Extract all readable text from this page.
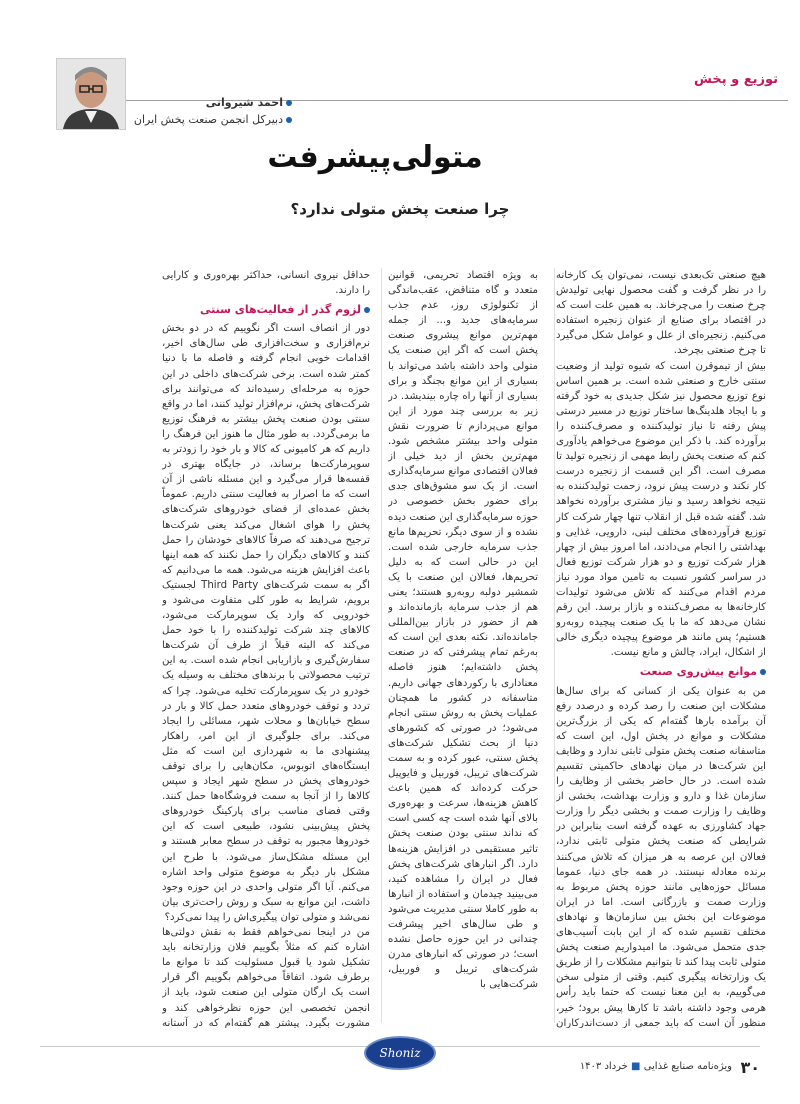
توزیع و پخش
احمد شیروانی
دبیرکل انجمن صنعت پخش ایران
متولی‌پیشرفت
چرا صنعت پخش متولی ندارد؟

هیچ صنعتی تک‌بعدی نیست، نمی‌توان یک کارخانه را در نظر گرفت و گفت محصول نهایی تولیدش چرخ صنعت را می‌چرخاند. به همین علت است که در اقتصاد برای صنایع از عنوان زنجیره استفاده می‌کنیم. زنجیره‌ای از علل و عوامل شکل می‌گیرد تا چرخ صنعتی بچرخد.

بیش از تیموقرن است که شیوه تولید از وضعیت سنتی خارج و صنعتی شده است. بر همین اساس نوع توزیع محصول نیز شکل جدیدی به خود گرفته و با ایجاد هلدینگ‌ها ساختار توزیع در مسیر درستی پیش رفته تا نیاز تولیدکننده و مصرف‌کننده را برآورده کند. با ذکر این موضوع می‌خواهم یادآوری کنم که صنعت پخش رابط مهمی از زنجیره تولید تا مصرف است. اگر این قسمت از زنجیره درست کار نکند و درست پیش نرود، زحمت تولیدکننده به نتیجه نخواهد رسید و نیاز مشتری برآورده نخواهد شد. گفته شده قبل از انقلاب تنها چهار شرکت کار توزیع فرآورده‌های مختلف لبنی، دارویی، غذایی و بهداشتی را انجام می‌دادند، اما امروز بیش از چهار هزار شرکت توزیع و دو هزار شرکت توزیع فعال در سراسر کشور نسبت به تامین مواد مورد نیاز مردم اقدام می‌کنند که تلاش می‌شود تولیدات کارخانه‌ها به مصرف‌کننده و بازار برسد. این رقم نشان می‌دهد که ما با یک صنعت پیچیده روبه‌رو هستیم؛ پس مانند هر موضوع پیچیده دیگری خالی از اشکال، ایراد، چالش و مانع نیست.

موانع پیش‌روی صنعت

من به عنوان یکی از کسانی که برای سال‌ها مشکلات این صنعت را رصد کرده و درصدد رفع آن برآمده بارها گفته‌ام که یکی از بزرگ‌ترین مشکلات و موانع در پخش اول، این است که متاسفانه صنعت پخش متولی ثابتی ندارد و وظایف این شرکت‌ها در میان نهادهای حاکمیتی تقسیم شده است. در حال حاضر بخشی از وظایف را سازمان غذا و دارو و وزارت بهداشت، بخشی از وظایف را وزارت صمت و بخشی دیگر را وزارت جهاد کشاورزی به عهده گرفته است بنابراین در شرایطی که صنعت پخش متولی ثابتی ندارد، فعالان این عرصه به هر میزان که تلاش می‌کنند برنده معادله نیستند. در همه جای دنیا، عموما مسائل حوزه‌هایی مانند حوزه پخش مربوط به وزارت صمت و بازرگانی است. اما در ایران موضوعات این بخش بین سازمان‌ها و نهادهای مختلف تقسیم شده که از این بابت آسیب‌های جدی متحمل می‌شود. ما امیدواریم صنعت پخش متولی ثابت پیدا کند تا بتوانیم مشکلات را از طریق یک وزارتخانه پیگیری کنیم. وقتی از متولی سخن می‌گوییم، به این معنا نیست که حتما باید رأس هرمی وجود داشته باشد تا کارها پیش برود؛ خیر، منظور آن است که باید جمعی از دست‌اندرکاران

به ویژه اقتصاد تحریمی، قوانین متعدد و گاه متناقض، عقب‌ماندگی از تکنولوژی روز، عدم جذب سرمایه‌های جدید و... از جمله مهم‌ترین موانع پیشروی صنعت پخش است که اگر این صنعت یک متولی واحد داشته باشد می‌تواند با بسیاری از این موانع بجنگد و برای بسیاری از آنها راه چاره بیندیشد. در زیر به بررسی چند مورد از این موانع می‌پردازم تا ضرورت نقش متولی واحد بیشتر مشخص شود. مهم‌ترین بخش از دید خیلی از فعالان اقتصادی موانع سرمایه‌گذاری است. از یک سو مشوق‌های جدی برای حضور بخش خصوصی در حوزه سرمایه‌گذاری این صنعت دیده نشده و از سوی دیگر، تحریم‌ها مانع جذب سرمایه خارجی شده است. این در حالی است که به دلیل تحریم‌ها، فعالان این صنعت با یک شمشیر دولبه روبه‌رو هستند؛ یعنی هم از جذب سرمایه بازمانده‌اند و هم از حضور در بازار بین‌المللی جامانده‌اند. نکته بعدی این است که به‌رغم تمام پیشرفتی که در صنعت پخش داشته‌ایم؛ هنوز فاصله معناداری با رکوردهای جهانی داریم. متاسفانه در کشور ما همچنان عملیات پخش به روش سنتی انجام می‌شود؛ در صورتی که کشورهای دنیا از بحث تشکیل شرکت‌های پخش سنتی، عبور کرده و به سمت شرکت‌های تریبل، فوربیل و فایوپیل حرکت کرده‌اند که همین باعث کاهش هزینه‌ها، سرعت و بهره‌وری بالای آنها شده است چه کسی است که نداند سنتی بودن صنعت پخش تاثیر مستقیمی در افزایش هزینه‌ها دارد. اگر انبارهای شرکت‌های پخش فعال در ایران را مشاهده کنید، می‌بینید چیدمان و استفاده از انبارها به طور کاملا سنتی مدیریت می‌شود و طی سال‌های اخیر پیشرفت چندانی در این حوزه حاصل نشده است؛ در صورتی که انبارهای مدرن شرکت‌های تریبل و فوربیل، شرکت‌هایی با

حداقل نیروی انسانی، حداکثر بهره‌وری و کارایی را دارند.

لزوم گذر از فعالیت‌های سنتی

دور از انصاف است اگر نگوییم که در دو بخش نرم‌افزاری و سخت‌افزاری طی سال‌های اخیر، اقدامات خوبی انجام گرفته و فاصله ما با دنیا کمتر شده است. برخی شرکت‌های داخلی در این حوزه به مرحله‌ای رسیده‌اند که می‌توانند برای شرکت‌های پخش، نرم‌افزار تولید کنند، اما در واقع سنتی بودن صنعت پخش بیشتر به فرهنگ توزیع ما برمی‌گردد. به طور مثال ما هنوز این فرهنگ را داریم که هر کامیونی که کالا و بار خود را زودتر به سوپرمارکت‌ها برساند، در جایگاه بهتری در قفسه‌ها قرار می‌گیرد و این مسئله ناشی از آن است که ما اصرار به فعالیت سنتی داریم. عموماً بخش عمده‌ای از فضای خودروهای شرکت‌های پخش را هوای اشغال می‌کند یعنی شرکت‌ها ترجیح می‌دهند که صرفاً کالاهای خودشان را حمل کنند و کالاهای دیگران را حمل نکنند که همه اینها باعث افزایش هزینه می‌شود. همه ما می‌دانیم که اگر به سمت شرکت‌های Third Party لجستیک برویم، شرایط به طور کلی متفاوت می‌شود و خودرویی که وارد یک سوپرمارکت می‌شود، کالاهای چند شرکت تولیدکننده را با خود حمل می‌کند که البته قبلاً از طرف آن شرکت‌ها سفارش‌گیری و بازاریابی انجام شده است. به این ترتیب محصولاتی با برندهای مختلف به وسیله یک خودرو در یک سوپرمارکت تخلیه می‌شود. چرا که تردد و توقف خودروهای متعدد حمل کالا و بار در سطح خیابان‌ها و محلات شهر، مسائلی را ایجاد می‌کند. برای جلوگیری از این امر، راهکار پیشنهادی ما به شهرداری این است که مثل ایستگاه‌های اتوبوس، مکان‌هایی را برای توقف خودروهای پخش در سطح شهر ایجاد و سپس کالاها را از آنجا به سمت فروشگاه‌ها حمل کنند. وقتی فضای مناسب برای پارکینگ خودروهای پخش پیش‌بینی نشود، طبیعی است که این خودروها مجبور به توقف در سطح معابر هستند و این مسئله مشکل‌ساز می‌شود. با طرح این مشکل بار دیگر به موضوع متولی واحد اشاره می‌کنم. آیا اگر متولی واحدی در این حوزه وجود داشت، این موانع به سبک و روش راحت‌تری بیان نمی‌شد و متولی توان پیگیری‌اش را پیدا نمی‌کرد؟

من در اینجا نمی‌خواهم فقط به نقش دولتی‌ها اشاره کنم که مثلاً بگوییم فلان وزارتخانه باید تشکیل شود یا قبول مسئولیت کند تا موانع ما برطرف شود. اتفاقاً می‌خواهم بگوییم اگر قرار است یک ارگان متولی این صنعت شود، باید از انجمن تخصصی این حوزه نظرخواهی کند و مشورت بگیرد. پیشتر هم گفته‌ام که در آستانه

۳۰
ویژه‌نامه صنایع غذایی ■ خرداد ۱۴۰۳
Shoniz
